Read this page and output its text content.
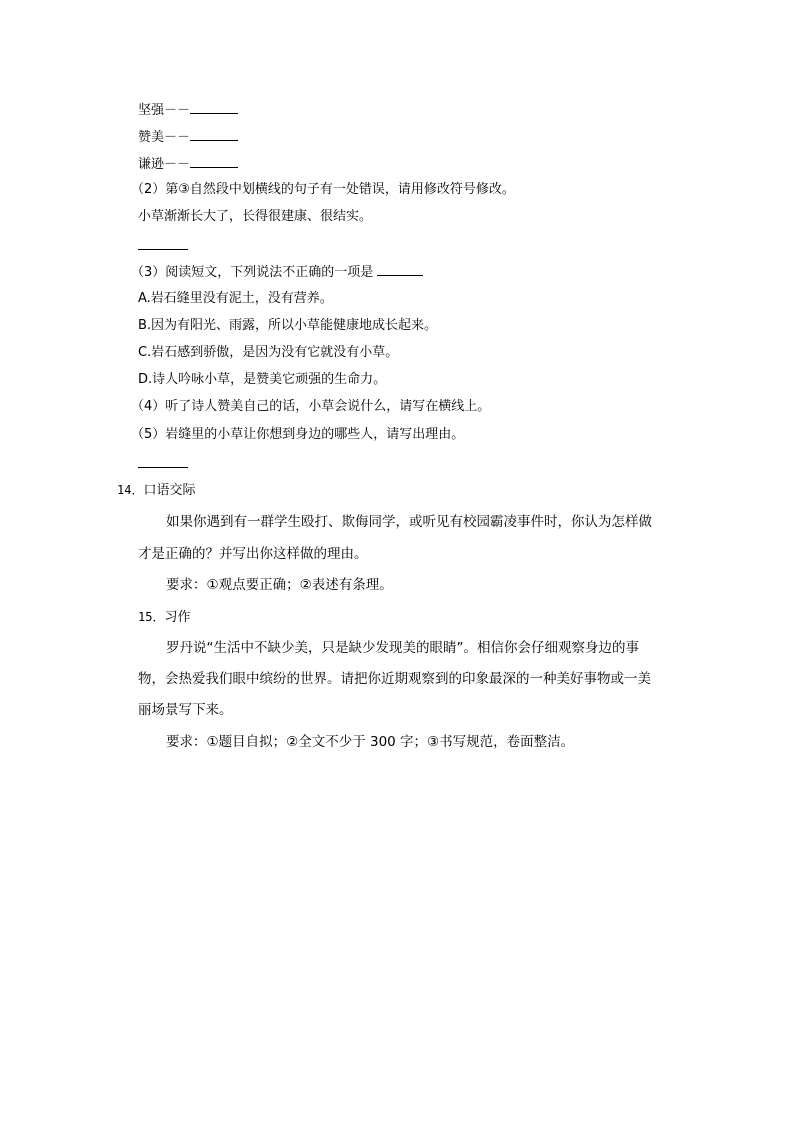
坚强－－
赞美－－
谦逊－－
（2）第③自然段中划横线的句子有一处错误，请用修改符号修改。
小草渐渐长大了，长得很建康、很结实。
（3）阅读短文，下列说法不正确的一项是
A.岩石缝里没有泥土，没有营养。
B.因为有阳光、雨露，所以小草能健康地成长起来。
C.岩石感到骄傲，是因为没有它就没有小草。
D.诗人吟咏小草，是赞美它顽强的生命力。
（4）听了诗人赞美自己的话，小草会说什么，请写在横线上。
（5）岩缝里的小草让你想到身边的哪些人，请写出理由。
14．口语交际
如果你遇到有一群学生殴打、欺侮同学，或听见有校园霸凌事件时，你认为怎样做
才是正确的？并写出你这样做的理由。
要求：①观点要正确；②表述有条理。
15．习作
罗丹说“生活中不缺少美，只是缺少发现美的眼睛”。相信你会仔细观察身边的事
物，会热爱我们眼中缤纷的世界。请把你近期观察到的印象最深的一种美好事物或一美
丽场景写下来。
要求：①题目自拟；②全文不少于 300 字；③书写规范，卷面整洁。
